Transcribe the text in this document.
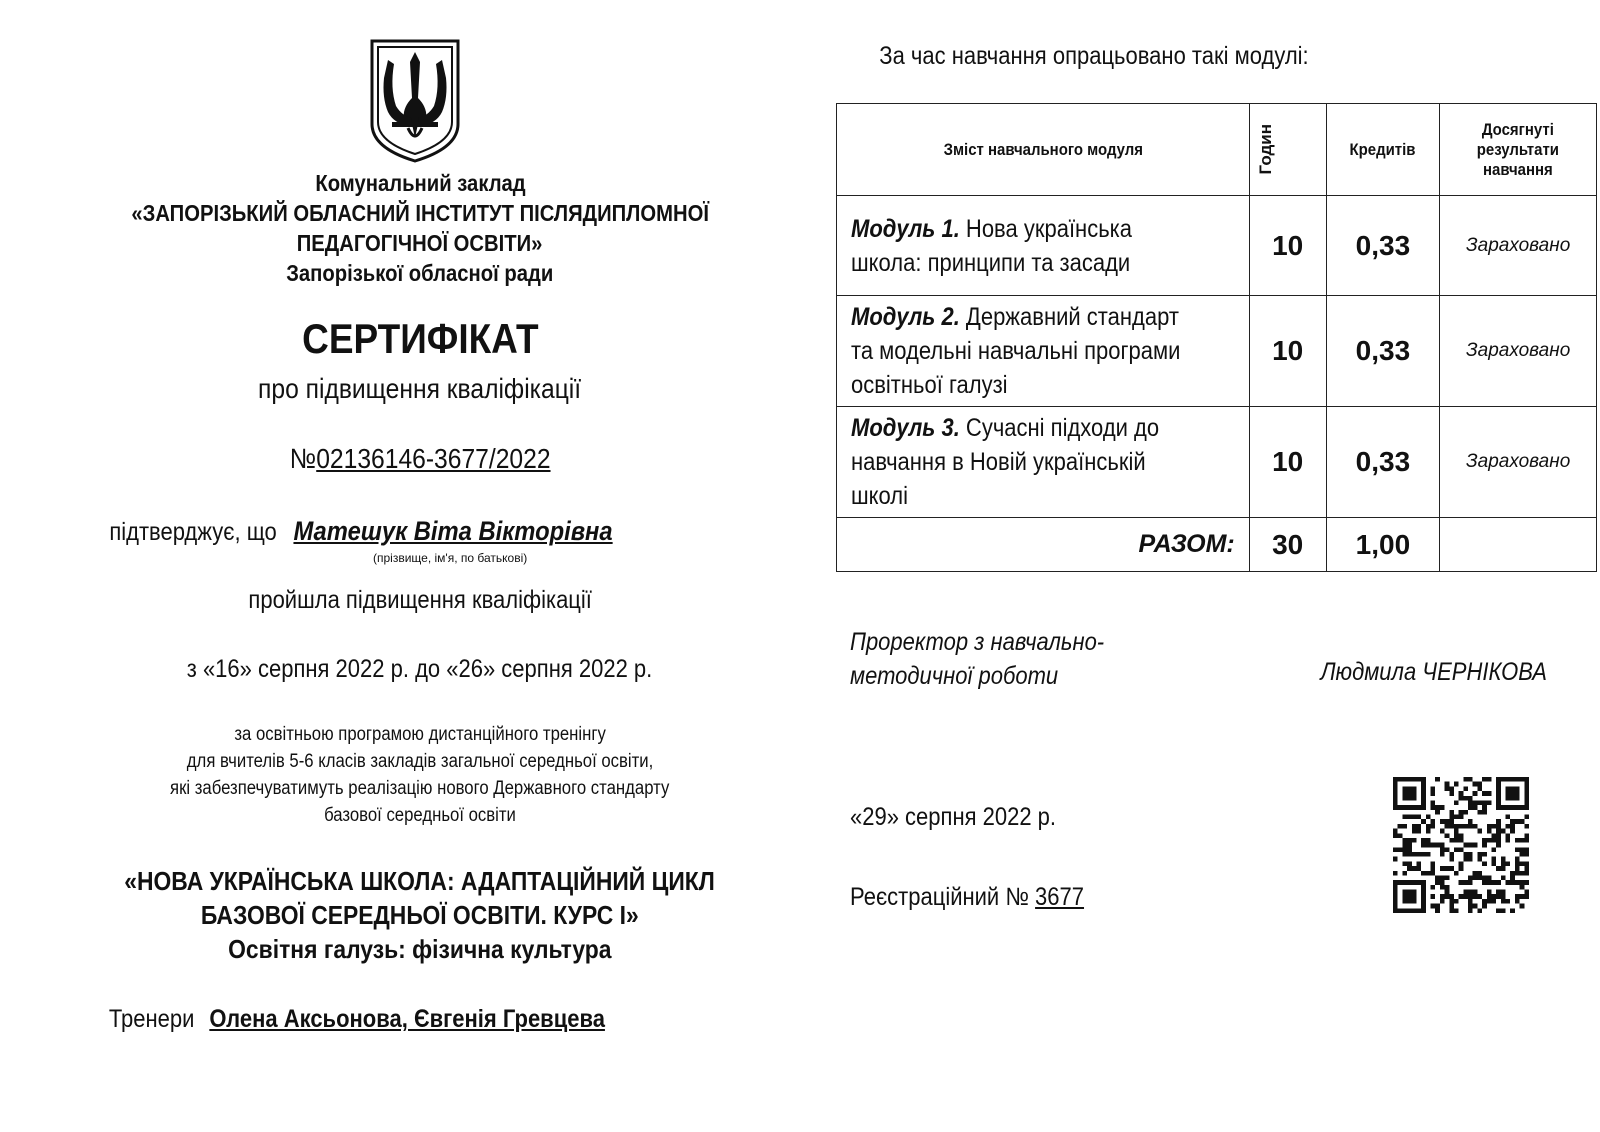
Комунальний заклад
«ЗАПОРІЗЬКИЙ ОБЛАСНИЙ ІНСТИТУТ ПІСЛЯДИПЛОМНОЇ
ПЕДАГОГІЧНОЇ ОСВІТИ»
Запорізької обласної ради
СЕРТИФІКАТ
про підвищення кваліфікації
№02136146-3677/2022
підтверджує, що Матешук Віта Вікторівна
(прізвище, ім'я, по батькові)
пройшла підвищення кваліфікації
з «16» серпня 2022 р. до «26» серпня 2022 р.
за освітньою програмою дистанційного тренінгу
для вчителів 5-6 класів закладів загальної середньої освіти,
які забезпечуватимуть реалізацію нового Державного стандарту
базової середньої освіти
«НОВА УКРАЇНСЬКА ШКОЛА: АДАПТАЦІЙНИЙ ЦИКЛ
БАЗОВОЇ СЕРЕДНЬОЇ ОСВІТИ. КУРС І»
Освітня галузь: фізична культура
Тренери Олена Аксьонова, Євгенія Гревцева
За час навчання опрацьовано такі модулі:
Зміст навчального модуля	Годин	Кредитів	Досягнуті результати навчання
Модуль 1. Нова українська школа: принципи та засади	10	0,33	Зараховано
Модуль 2. Державний стандарт та модельні навчальні програми освітньої галузі	10	0,33	Зараховано
Модуль 3. Сучасні підходи до навчання в Новій українській школі	10	0,33	Зараховано
РАЗОМ:	30	1,00	
Проректор з навчально-
методичної роботи	Людмила ЧЕРНІКОВА
«29» серпня 2022 р.
Реєстраційний № 3677
